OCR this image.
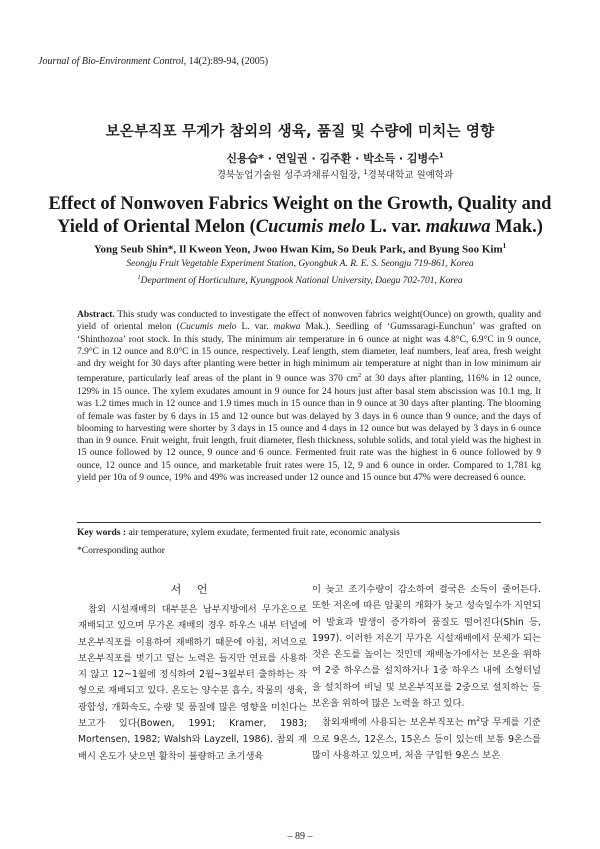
Journal of Bio-Environment Control, 14(2):89-94, (2005)
보온부직포 무게가 참외의 생육, 품질 및 수량에 미치는 영향
신용습* · 연일권 · 김주환 · 박소득 · 김병수$^1$
경북농업기술원 성주과채류시험장, $^1$경북대학교 원예학과
Effect of Nonwoven Fabrics Weight on the Growth, Quality and
Yield of Oriental Melon (Cucumis melo L. var. makuwa Mak.)
Yong Seub Shin*, Il Kweon Yeon, Jwoo Hwan Kim, So Deuk Park, and Byung Soo Kim$^1$
Seongju Fruit Vegetable Experiment Station, Gyongbuk A. R. E. S. Seongju 719-861, Korea
$^1$Department of Horticulture, Kyungpook National University, Daegu 702-701, Korea
Abstract. This study was conducted to investigate the effect of nonwoven fabrics weight(Ounce) on growth, quality and yield of oriental melon (Cucumis melo L. var. makwa Mak.). Seedling of ‘Gumssaragi-Eunchun’ was grafted on ‘Shinthozoa’ root stock. In this study, The minimum air temperature in 6 ounce at night was 4.8°C, 6.9°C in 9 ounce, 7.9°C in 12 ounce and 8.0°C in 15 ounce, respectively. Leaf length, stem diameter, leaf numbers, leaf area, fresh weight and dry weight for 30 days after planting were better in high minimum air temperature at night than in low minimum air temperature, particularly leaf areas of the plant in 9 ounce was 370 $cm^2$ at 30 days after planting, 116% in 12 ounce, 129% in 15 ounce. The xylem exudates amount in 9 ounce for 24 hours just after basal stem abscission was 10.1 mg. It was 1.2 times much in 12 ounce and 1.9 times much in 15 ounce than in 9 ounce at 30 days after planting. The blooming of female was faster by 6 days in 15 and 12 ounce but was delayed by 3 days in 6 ounce than 9 ounce, and the days of blooming to harvesting were shorter by 3 days in 15 ounce and 4 days in 12 ounce but was delayed by 3 days in 6 ounce than in 9 ounce. Fruit weight, fruit length, fruit diameter, flesh thickness, soluble solids, and total yield was the highest in 15 ounce followed by 12 ounce, 9 ounce and 6 ounce. Fermented fruit rate was the highest in 6 ounce followed by 9 ounce, 12 ounce and 15 ounce, and marketable fruit rates were 15, 12, 9 and 6 ounce in order. Compared to 1,781 kg yield per 10a of 9 ounce, 19% and 49% was increased under 12 ounce and 15 ounce but 47% were decreased 6 ounce.
Key words : air temperature, xylem exudate, fermented fruit rate, economic analysis
*Corresponding author
서 언

참외 시설재배의 대부분은 남부지방에서 무가온으로 재배되고 있으며 무가온 재배의 경우 하우스 내부 터널에 보온부직포를 이용하여 재배하기 때문에 아침, 저녁으로 보온부직포를 벗기고 덮는 노력은 들지만 연료를 사용하지 않고 12~1월에 정식하여 2월~3월부터 출하하는 작형으로 재배되고 있다. 온도는 양수분 흡수, 작물의 생육, 광합성, 개화속도, 수량 및 품질에 많은 영향을 미친다는 보고가 있다(Bowen, 1991; Kramer, 1983; Mortensen, 1982; Walsh와 Layzell, 1986). 참외 재배시 온도가 낮으면 활착이 불량하고 초기생육

이 늦고 조기수량이 감소하여 결국은 소득이 줄어든다. 또한 저온에 따른 암꽃의 개화가 늦고 성숙일수가 지연되어 발효과 발생이 증가하여 품질도 떨어진다(Shin 등, 1997). 이러한 저온기 무가온 시설재배에서 문제가 되는 것은 온도를 높이는 것인데 재배농가에서는 보온을 위하여 2중 하우스를 설치하거나 1중 하우스 내에 소형터널을 설치하여 비닐 및 보온부직포를 2중으로 설치하는 등 보온을 위하여 많은 노력을 하고 있다.

참외재배에 사용되는 보온부직포는 $m^2$당 무게를 기준으로 9온스, 12온스, 15온스 등이 있는데 보통 9온스를 많이 사용하고 있으며, 처음 구입한 9온스 보온

– 89 –
